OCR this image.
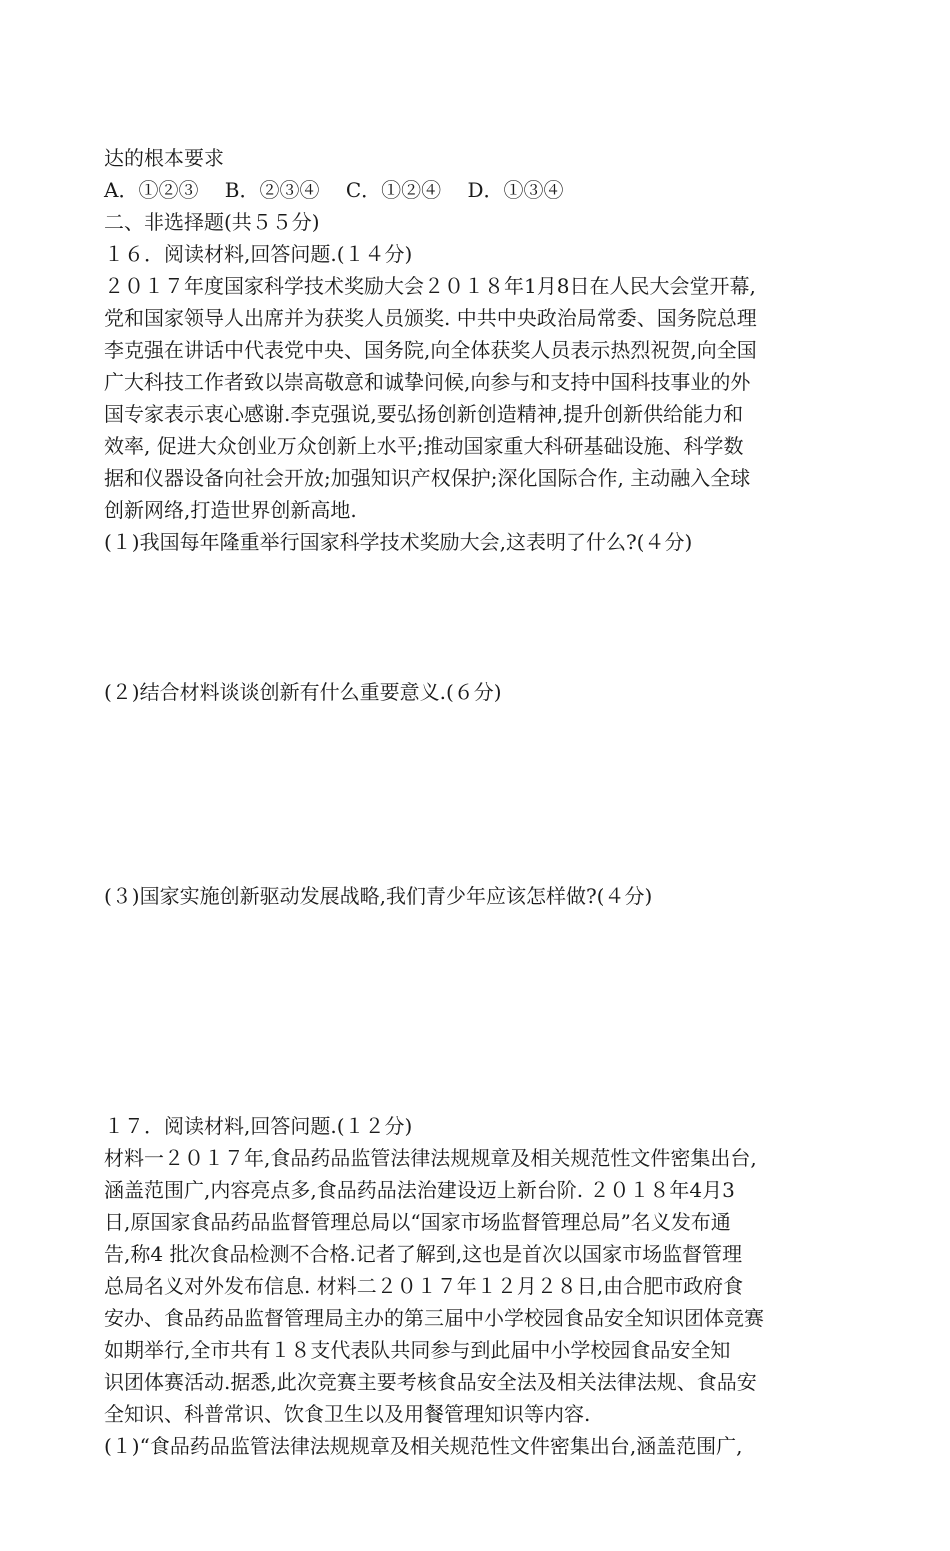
达的根本要求
A．①②③　 B．②③④　 C．①②④　 D．①③④
二、非选择题(共５５分)
１６．阅读材料,回答问题.(１４分)
２０１７年度国家科学技术奖励大会２０１８年1月8日在人民大会堂开幕,
党和国家领导人出席并为获奖人员颁奖. 中共中央政治局常委、国务院总理
李克强在讲话中代表党中央、国务院,向全体获奖人员表示热烈祝贺,向全国
广大科技工作者致以崇高敬意和诚挚问候,向参与和支持中国科技事业的外
国专家表示衷心感谢.李克强说,要弘扬创新创造精神,提升创新供给能力和
效率, 促进大众创业万众创新上水平;推动国家重大科研基础设施、科学数
据和仪器设备向社会开放;加强知识产权保护;深化国际合作, 主动融入全球
创新网络,打造世界创新高地.
(１)我国每年隆重举行国家科学技术奖励大会,这表明了什么?(４分)
(２)结合材料谈谈创新有什么重要意义.(６分)
(３)国家实施创新驱动发展战略,我们青少年应该怎样做?(４分)
１７．阅读材料,回答问题.(１２分)
材料一２０１７年,食品药品监管法律法规规章及相关规范性文件密集出台,
涵盖范围广,内容亮点多,食品药品法治建设迈上新台阶. ２０１８年4月3
日,原国家食品药品监督管理总局以“国家市场监督管理总局”名义发布通
告,称4 批次食品检测不合格.记者了解到,这也是首次以国家市场监督管理
总局名义对外发布信息. 材料二２０１７年１２月２８日,由合肥市政府食
安办、食品药品监督管理局主办的第三届中小学校园食品安全知识团体竞赛
如期举行,全市共有１８支代表队共同参与到此届中小学校园食品安全知
识团体赛活动.据悉,此次竞赛主要考核食品安全法及相关法律法规、食品安
全知识、科普常识、饮食卫生以及用餐管理知识等内容.
(１)“食品药品监管法律法规规章及相关规范性文件密集出台,涵盖范围广,
